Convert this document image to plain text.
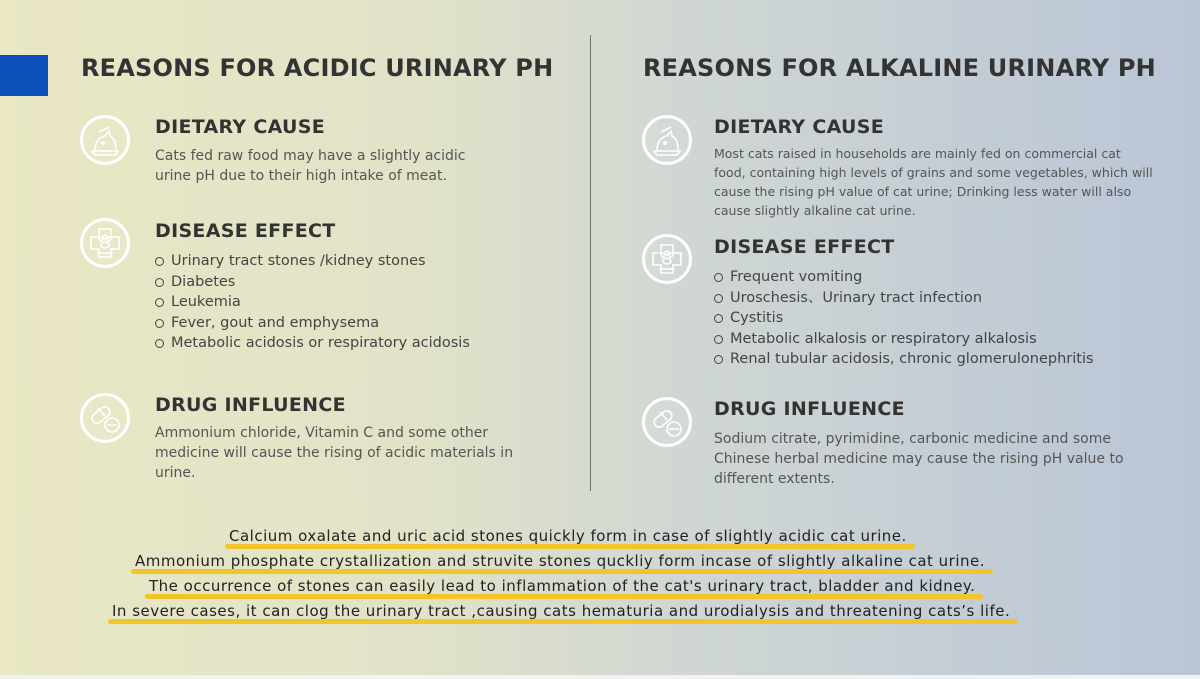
REASONS FOR ACIDIC URINARY PH
DIETARY CAUSE

Cats fed raw food may have a slightly acidic urine pH due to their high intake of meat.

DISEASE EFFECT
Urinary tract stones /kidney stones
Diabetes
Leukemia
Fever, gout and emphysema
Metabolic acidosis or respiratory acidosis
DRUG INFLUENCE

Ammonium chloride, Vitamin C and some other medicine will cause the rising of acidic materials in urine.

REASONS FOR ALKALINE URINARY PH
DIETARY CAUSE

Most cats raised in households are mainly fed on commercial cat food, containing high levels of grains and some vegetables, which will cause the rising pH value of cat urine; Drinking less water will also cause slightly alkaline cat urine.

DISEASE EFFECT
Frequent vomiting
Uroschesis、Urinary tract infection
Cystitis
Metabolic alkalosis or respiratory alkalosis
Renal tubular acidosis, chronic glomerulonephritis
DRUG INFLUENCE

Sodium citrate, pyrimidine, carbonic medicine and some Chinese herbal medicine may cause the rising pH value to different extents.

Calcium oxalate and uric acid stones quickly form in case of slightly acidic cat urine.
Ammonium phosphate crystallization and struvite stones quckliy form incase of slightly alkaline cat urine.
The occurrence of stones can easily lead to inflammation of the cat's urinary tract, bladder and kidney.
In severe cases, it can clog the urinary tract ,causing cats hematuria and urodialysis and threatening cats’s life.
